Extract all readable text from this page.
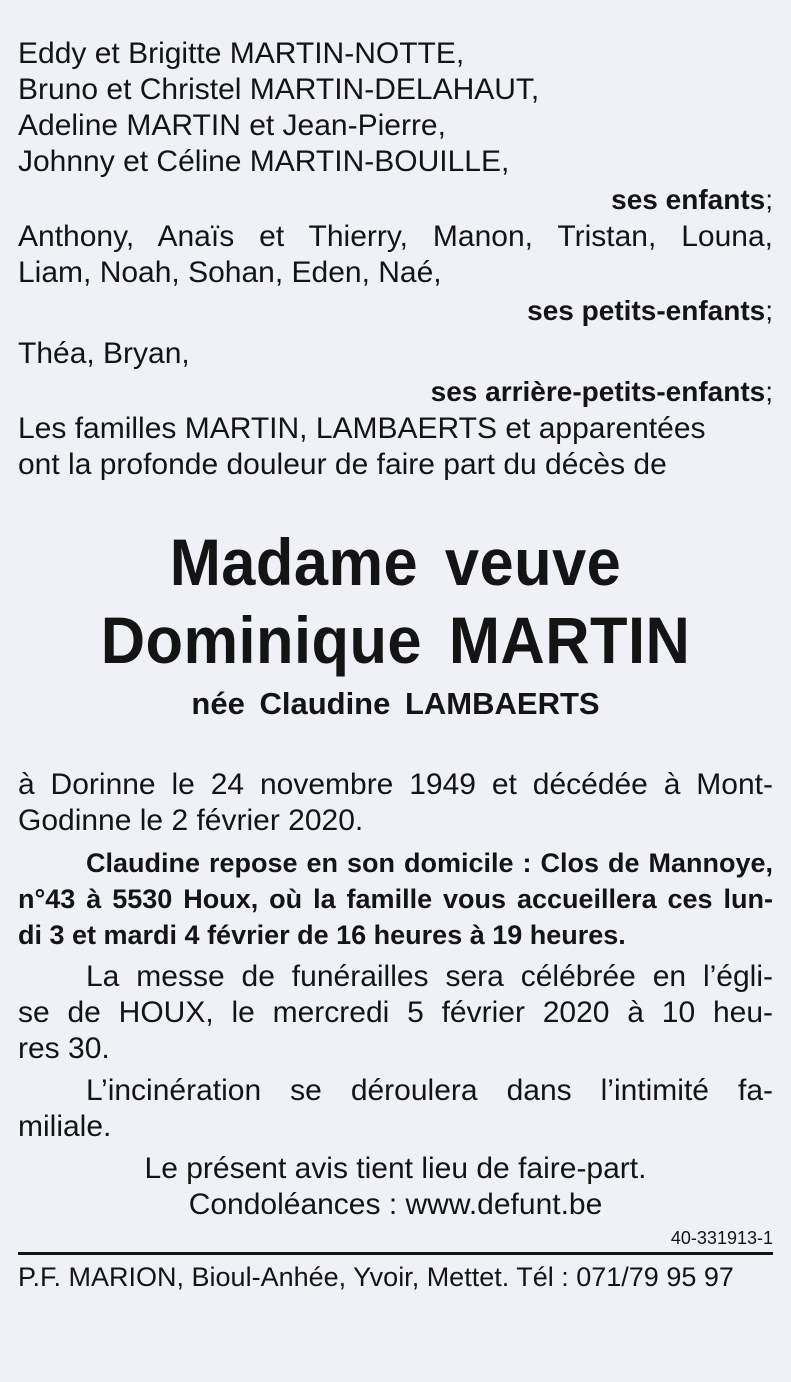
Eddy et Brigitte MARTIN-NOTTE,
Bruno et Christel MARTIN-DELAHAUT,
Adeline MARTIN et Jean-Pierre,
Johnny et Céline MARTIN-BOUILLE,
ses enfants;
Anthony, Anaïs et Thierry, Manon, Tristan, Louna,
Liam, Noah, Sohan, Eden, Naé,
ses petits-enfants;
Théa, Bryan,
ses arrière-petits-enfants;
Les familles MARTIN, LAMBAERTS et apparentées
ont la profonde douleur de faire part du décès de
Madame veuve
Dominique MARTIN
née Claudine LAMBAERTS
à Dorinne le 24 novembre 1949 et décédée à Mont-
Godinne le 2 février 2020.
Claudine repose en son domicile : Clos de Mannoye,
n°43 à 5530 Houx, où la famille vous accueillera ces lun-
di 3 et mardi 4 février de 16 heures à 19 heures.
La messe de funérailles sera célébrée en l’égli-
se de HOUX, le mercredi 5 février 2020 à 10 heu-
res 30.
L’incinération se déroulera dans l’intimité fa-
miliale.
Le présent avis tient lieu de faire-part.
Condoléances : www.defunt.be
40-331913-1
P.F. MARION, Bioul-Anhée, Yvoir, Mettet. Tél : 071/79 95 97
